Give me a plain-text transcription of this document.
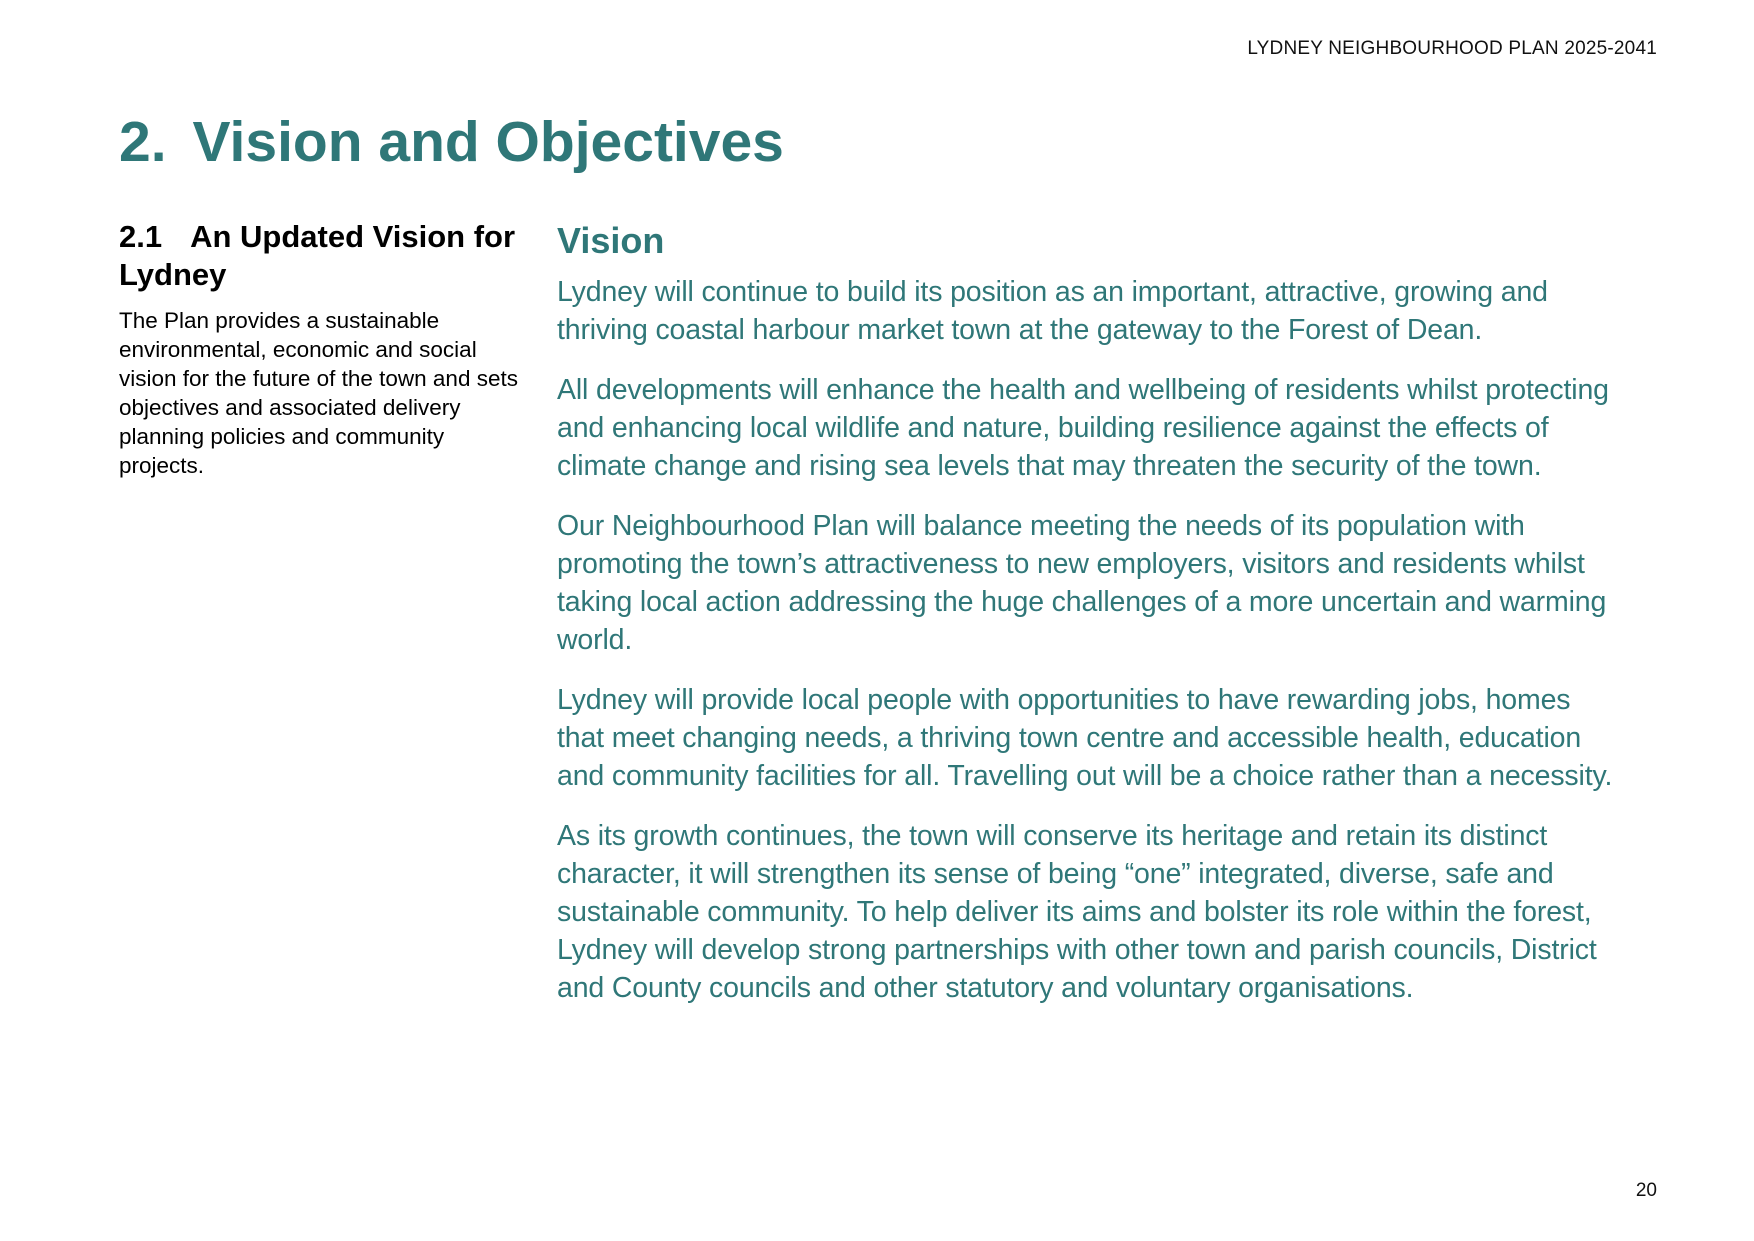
LYDNEY NEIGHBOURHOOD PLAN 2025-2041
2. Vision and Objectives
2.1 An Updated Vision for Lydney

The Plan provides a sustainable environmental, economic and social vision for the future of the town and sets objectives and associated delivery planning policies and community projects.

Vision

Lydney will continue to build its position as an important, attractive, growing and thriving coastal harbour market town at the gateway to the Forest of Dean.

All developments will enhance the health and wellbeing of residents whilst protecting and enhancing local wildlife and nature, building resilience against the effects of climate change and rising sea levels that may threaten the security of the town.

Our Neighbourhood Plan will balance meeting the needs of its population with promoting the town’s attractiveness to new employers, visitors and residents whilst taking local action addressing the huge challenges of a more uncertain and warming world.

Lydney will provide local people with opportunities to have rewarding jobs, homes that meet changing needs, a thriving town centre and accessible health, education and community facilities for all. Travelling out will be a choice rather than a necessity.

As its growth continues, the town will conserve its heritage and retain its distinct character, it will strengthen its sense of being “one” integrated, diverse, safe and sustainable community. To help deliver its aims and bolster its role within the forest, Lydney will develop strong partnerships with other town and parish councils, District and County councils and other statutory and voluntary organisations.

20
